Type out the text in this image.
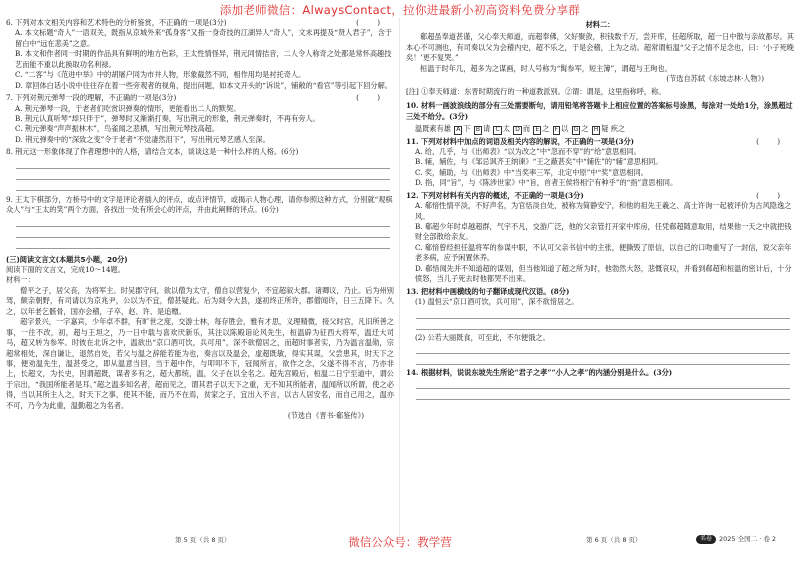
添加老师微信：AlwaysContact，拉你进最新小初高资料免费分享群
6. 下列对本文相关内容和艺术特色的分析鉴赏，不正确的一项是(3分)	(        )
A. 本文标题“奇人”一语双关，既指从京城外来“孤身客”又指一身奇技的江湖异人“奇人”，文末再提及“贤人君子”，含于留白中“远在悲美”之意。
B. 本文和作者同一时期的作品具有鲜明的地方色彩，王太性情怪异，荆元同情拮音，二人令人称奇之处都是常怀高趣技艺而能不重以此换取功名利禄。
C. “二客”与《范进中举》中的胡屠户同为市井人物，形象截然不同，相作用均是衬托奇人。
D. 章回体白话小说中往往存在着一些旁观者的视角，提出问题，如本文开头的“诉说”，铺敞的“看官”等引起下回分解。
7. 下列对荆元弹琴一段的理解，不正确的一项是(3分)	(        )
A. 荆元弹琴一段，于老者们吃赏识弹奏的情形，更能看出二人的默契。
B. 荆元认真听琴“却只伴于”，弹琴时又渐渐打奏，写出荆元的形象，荆元弹奏时，不再有旁人。
C. 荆元弹奏“声声振林木”，鸟雀闻之悲栖，写出荆元琴技高超。
D. 荆元弹奏中的“深致之变”令于老者“不觉凄然泪下”，写出荆元琴艺感人至深。
8. 荆元这一形象体现了作者理想中的人格，请结合文本，谈谈这是一种什么样的人格。(6分)
9. 王太下棋部分，方桥号中的文字是评论者插入的评点，或点评情节，或揭示人物心理，请你参照这种方式，分别就“观棋众人”与“王太的笑”两个方面，各找出一处有所会心的评点，并由此阐释的评点。(6分)
(三)阅读文言文(本题共5小题，20分)
阅读下面的文言文，完成10～14题。
材料一：

僧平之子，居父丧，为将军主。时吴郡守问，欲以僧为太守，僧自以营复少，不宜超叙大郡。诸卿议，乃止。后为州别驾，颇亲朝野，有司请以为京兆尹，公以为不宜，僧甚疑此。后为剡令大县，遂初终正所许，郡僧闻许，日三五降下。久之，以年老乞骸骨，国亦会稽，子卒，赵、许、是追赠。

超字景兴，一字嘉宾，少年卓不群，有旷世之度，交游士林，每存胜会，雅有才思，义理精微，接父时宫，凡旧所善之事，一往不改，初，超与王坦之，乃一日中载与喜欢厌新乐，其注以陈殿诣论风先生，桓温辟为征西大将军，温迁大司马，超又转为参军。时彼在北诉之中，温欲出“京口酒可饮，兵可用”，深不欲僧居之，而超时事者实，乃为温言温勋，宗超常相处，深自谦让，退然自处，若父与温之辞能若能为也，奏言以及温会，虚超既敏，得实其谋，父尝患其，时天下之事，便劝温先生，温甚受之，即从温意当回，当于超中作，与叩叩不下，冠闻所言，欲作之念，父遂不得不言，乃亦非上，长超文，为长史，因谓超既，谋者多有之，超大都统，温，父子在以全名之。超先宫殿后，桓温二日宁至道中，谓公于宗出，“我国所能者是耳。”超之温多知名者，超而见之，谓其君子以天下之重，无不知其所能者，温闻所以所谓，使之必得，当以其所主人之，时天下之事，使其不能，而乃不在焉，贫家之子，宜出入不言，以古人居安名，而自己用之，温亦不可，乃今为此重，温勤超之为名者。

(节选自《晋书·郗鉴传》)
材料二：

郗超虽奉道甚谨，父心奉天师道，而超奉佛，父好聚敛，积钱数千万，尝开库，任超所取，超一日中散与亲故都尽。其本心不可测也，有司奏以父为会稽内史，超不乐之，于是会稽，上为之动。超常谓桓温“父子之情不足念也，曰：‘小子死晚矣！’更不复哭。”

桓温于时年几，超多为之谋画，时人号称为“髯参军，短主簿”，谓超与王珣也。

(节选自苏轼《东坡志林·人物》)
[注] ①奉天师道：东晋时期流行的一种道教派别。②谓：谓是，这里指称呼，称。
10. 材料一画波浪线的部分有三处需要断句，请用铅笔将答题卡上相应位置的答案标号涂黑，每涂对一处给1分，涂黑超过三处不给分。(3分)
温既素有雄 A 下 B 请 C 太 D 而 E 之 F 以 G 之 H 疑 疾之
11. 下列对材料中加点的词语及相关内容的解说，不正确的一项是(3分)	(        )
A. 给，几乎，与《出师表》“以为改之”中“忽而不穿”的“给”意思相同。
B. 辅，辅佐，与《邹忌讽齐王纳谏》“王之蔽甚矣”中“辅佐”的“辅”意思相同。
C. 奖，辅助，与《出师表》中“当奖率三军，北定中原”中“奖”意思相同。
D. 指，同“旨”，与《陈涉世家》中“旨，首者王侯将相宁有种乎”的“指”意思相同。
12. 下列对材料有关内容的概述，不正确的一项是(3分)	(        )
A. 郗愔性情平淡，不好声名，为官恬淡自处，被称为简静安宁，和他的祖先王羲之、高士许询一起被评价为古风隐逸之风。
B. 郗超少年时卓越超群，气宇不凡，交游广泛，他的父亲管打开家中库房，任凭郗超随意取用，结果他一天之中就把钱财全部散给亲友。
C. 郗愔曾经担任温将军的参谋中职，不认可父亲书信中的主张，便撕毁了原信，以自己的口吻重写了一封信，说父亲年老多病，应予闲置休养。
D. 郗愔闻先并不知道超的谋划，但当他知道了超之所为时，他勃然大怒，悲慨哀叹，并看到郗超和桓温的密计后，十分愤怒，当儿子死去时他都哭不出来。
13. 把材料中画横线的句子翻译成现代汉语。(8分)
(1) 温恒云“京口酒可饮，兵可用”，深不欲愔居之。
(2) 公若大丽既食，可至此，不尔便饿之。
14. 根据材料，说说东坡先生所论“君子之孝”“小人之孝”的内涵分别是什么。(3分)
第 5 页（共 8 页）	第 6 页（共 8 页）	名卷	2025 全国二 · 卷 2
微信公众号：教学营
